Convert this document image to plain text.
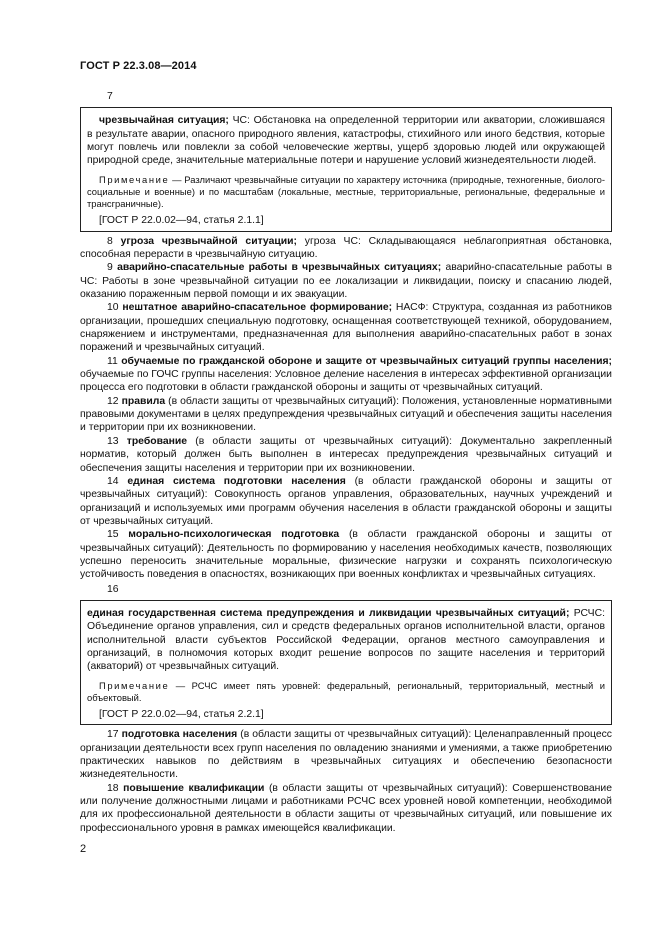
ГОСТ Р 22.3.08—2014
7

чрезвычайная ситуация; ЧС: Обстановка на определенной территории или акватории, сложившаяся в результате аварии, опасного природного явления, катастрофы, стихийного или иного бедствия, которые могут повлечь или повлекли за собой человеческие жертвы, ущерб здоровью людей или окружающей природной среде, значительные материальные потери и нарушение условий жизнедеятельности людей.

Примечание — Различают чрезвычайные ситуации по характеру источника (природные, техногенные, биолого-социальные и военные) и по масштабам (локальные, местные, территориальные, региональные, федеральные и трансграничные).

[ГОСТ Р 22.0.02—94, статья 2.1.1]

8 угроза чрезвычайной ситуации; угроза ЧС: Складывающаяся неблагоприятная обстановка, способная перерасти в чрезвычайную ситуацию.

9 аварийно-спасательные работы в чрезвычайных ситуациях; аварийно-спасательные работы в ЧС: Работы в зоне чрезвычайной ситуации по ее локализации и ликвидации, поиску и спасанию людей, оказанию пораженным первой помощи и их эвакуации.

10 нештатное аварийно-спасательное формирование; НАСФ: Структура, созданная из работников организации, прошедших специальную подготовку, оснащенная соответствующей техникой, оборудованием, снаряжением и инструментами, предназначенная для выполнения аварийно-спасательных работ в зонах поражений и чрезвычайных ситуаций.

11 обучаемые по гражданской обороне и защите от чрезвычайных ситуаций группы населения; обучаемые по ГОЧС группы населения: Условное деление населения в интересах эффективной организации процесса его подготовки в области гражданской обороны и защиты от чрезвычайных ситуаций.

12 правила (в области защиты от чрезвычайных ситуаций): Положения, установленные нормативными правовыми документами в целях предупреждения чрезвычайных ситуаций и обеспечения защиты населения и территории при их возникновении.

13 требование (в области защиты от чрезвычайных ситуаций): Документально закрепленный норматив, который должен быть выполнен в интересах предупреждения чрезвычайных ситуаций и обеспечения защиты населения и территории при их возникновении.

14 единая система подготовки населения (в области гражданской обороны и защиты от чрезвычайных ситуаций): Совокупность органов управления, образовательных, научных учреждений и организаций и используемых ими программ обучения населения в области гражданской обороны и защиты от чрезвычайных ситуаций.

15 морально-психологическая подготовка (в области гражданской обороны и защиты от чрезвычайных ситуаций): Деятельность по формированию у населения необходимых качеств, позволяющих успешно переносить значительные моральные, физические нагрузки и сохранять психологическую устойчивость поведения в опасностях, возникающих при военных конфликтах и чрезвычайных ситуациях.

16

единая государственная система предупреждения и ликвидации чрезвычайных ситуаций; РСЧС: Объединение органов управления, сил и средств федеральных органов исполнительной власти, органов исполнительной власти субъектов Российской Федерации, органов местного самоуправления и организаций, в полномочия которых входит решение вопросов по защите населения и территорий (акваторий) от чрезвычайных ситуаций.

Примечание — РСЧС имеет пять уровней: федеральный, региональный, территориальный, местный и объектовый.

[ГОСТ Р 22.0.02—94, статья 2.2.1]

17 подготовка населения (в области защиты от чрезвычайных ситуаций): Целенаправленный процесс организации деятельности всех групп населения по овладению знаниями и умениями, а также приобретению практических навыков по действиям в чрезвычайных ситуациях и обеспечению безопасности жизнедеятельности.

18 повышение квалификации (в области защиты от чрезвычайных ситуаций): Совершенствование или получение должностными лицами и работниками РСЧС всех уровней новой компетенции, необходимой для их профессиональной деятельности в области защиты от чрезвычайных ситуаций, или повышение их профессионального уровня в рамках имеющейся квалификации.

2
